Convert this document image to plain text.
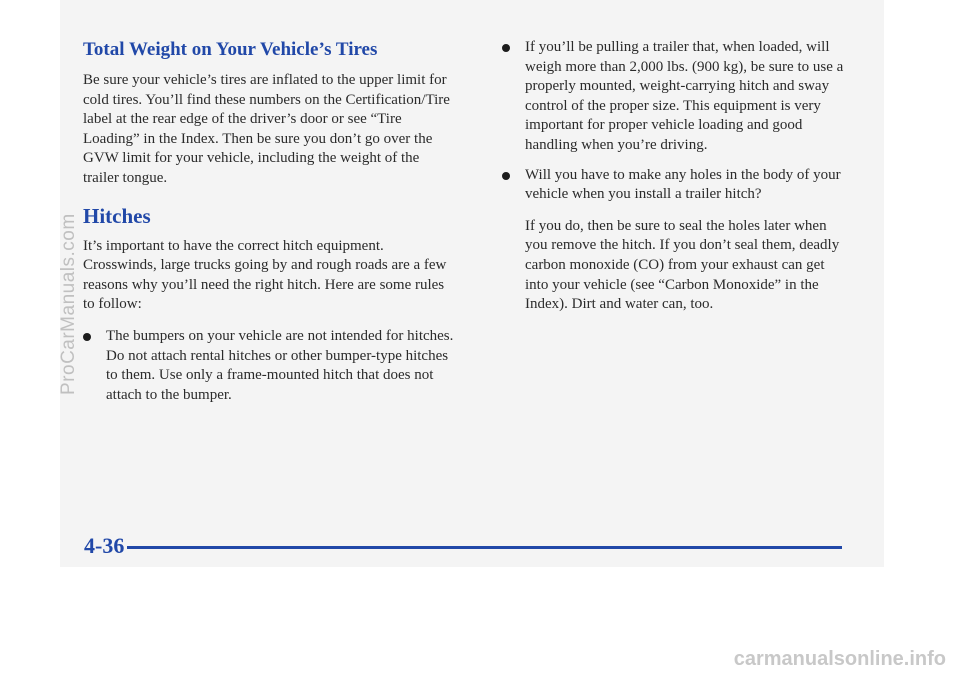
Total Weight on Your Vehicle’s Tires

Be sure your vehicle’s tires are inflated to the upper limit for cold tires. You’ll find these numbers on the Certification/Tire label at the rear edge of the driver’s door or see “Tire Loading” in the Index. Then be sure you don’t go over the GVW limit for your vehicle, including the weight of the trailer tongue.

Hitches

It’s important to have the correct hitch equipment. Crosswinds, large trucks going by and rough roads are a few reasons why you’ll need the right hitch. Here are some rules to follow:

The bumpers on your vehicle are not intended for hitches. Do not attach rental hitches or other bumper-type hitches to them. Use only a frame-mounted hitch that does not attach to the bumper.
If you’ll be pulling a trailer that, when loaded, will weigh more than 2,000 lbs. (900 kg), be sure to use a properly mounted, weight-carrying hitch and sway control of the proper size. This equipment is very important for proper vehicle loading and good handling when you’re driving.
Will you have to make any holes in the body of your vehicle when you install a trailer hitch?

If you do, then be sure to seal the holes later when you remove the hitch. If you don’t seal them, deadly carbon monoxide (CO) from your exhaust can get into your vehicle (see “Carbon Monoxide” in the Index). Dirt and water can, too.

4-36
ProCarManuals.com
carmanualsonline.info
